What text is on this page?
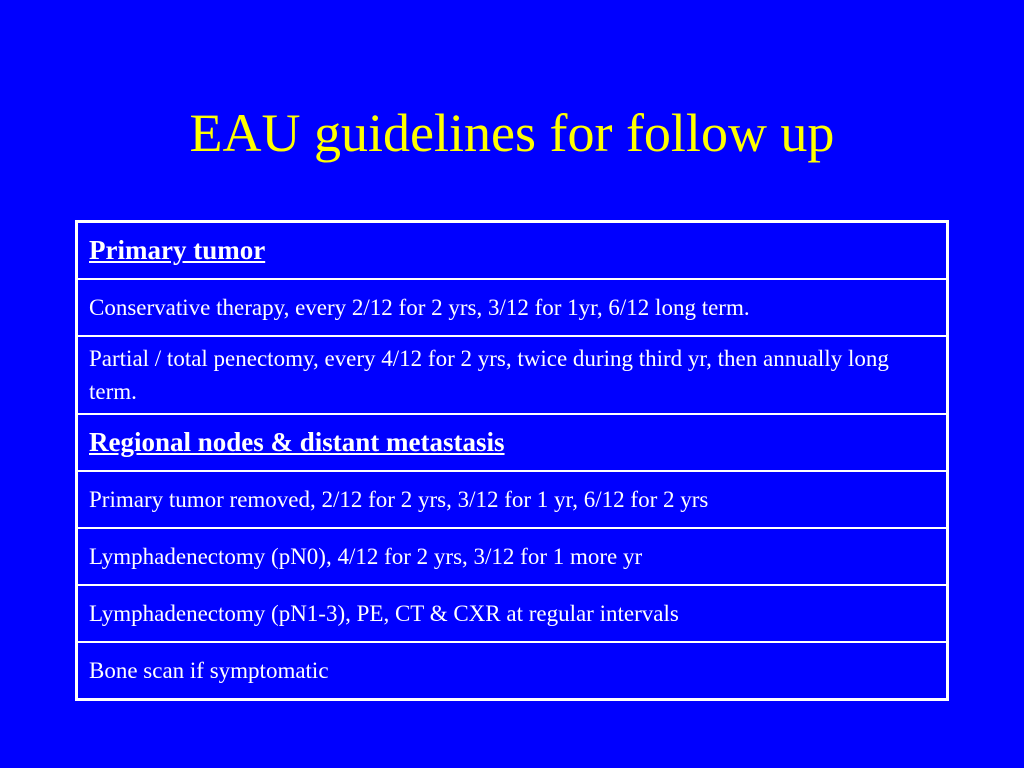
EAU guidelines for follow up
Primary tumor
Conservative therapy, every 2/12 for 2 yrs, 3/12 for 1yr, 6/12 long term.
Partial / total penectomy, every 4/12 for 2 yrs, twice during third yr, then annually long term.
Regional nodes & distant metastasis
Primary tumor removed, 2/12 for 2 yrs, 3/12 for 1 yr, 6/12 for 2 yrs
Lymphadenectomy (pN0), 4/12 for 2 yrs, 3/12 for 1 more yr
Lymphadenectomy (pN1-3), PE, CT & CXR at regular intervals
Bone scan if symptomatic
